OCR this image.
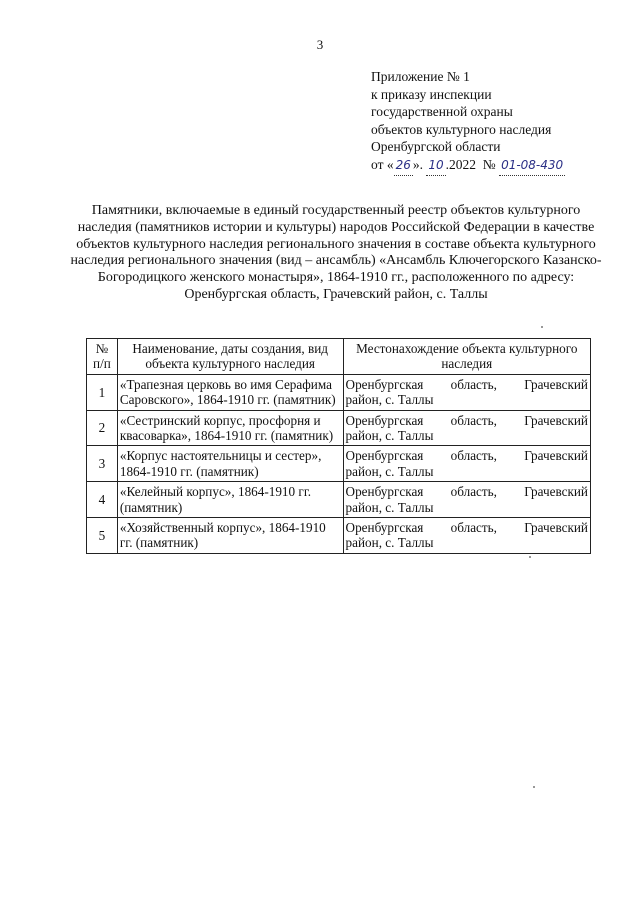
3
Приложение № 1
к приказу инспекции
государственной охраны
объектов культурного наследия
Оренбургской области
от « 26 ». 10 .2022 № 01-08-430
Памятники, включаемые в единый государственный реестр объектов культурного наследия (памятников истории и культуры) народов Российской Федерации в качестве объектов культурного наследия регионального значения в составе объекта культурного наследия регионального значения (вид – ансамбль) «Ансамбль Ключегорского Казанско-Богородицкого женского монастыря», 1864-1910 гг., расположенного по адресу: Оренбургская область, Грачевский район, с. Таллы
№ п/п	Наименование, даты создания, вид объекта культурного наследия	Местонахождение объекта культурного наследия
1	«Трапезная церковь во имя Серафима Саровского», 1864-1910 гг. (памятник)	Оренбургская область, Грачевский
район, с. Таллы

2	«Сестринский корпус, просфорня и квасоварка», 1864-1910 гг. (памятник)	Оренбургская область, Грачевский
район, с. Таллы

3	«Корпус настоятельницы и сестер», 1864-1910 гг. (памятник)	Оренбургская область, Грачевский
район, с. Таллы

4	«Келейный корпус», 1864-1910 гг. (памятник)	Оренбургская область, Грачевский
район, с. Таллы

5	«Хозяйственный корпус», 1864-1910 гг. (памятник)	Оренбургская область, Грачевский
район, с. Таллы
